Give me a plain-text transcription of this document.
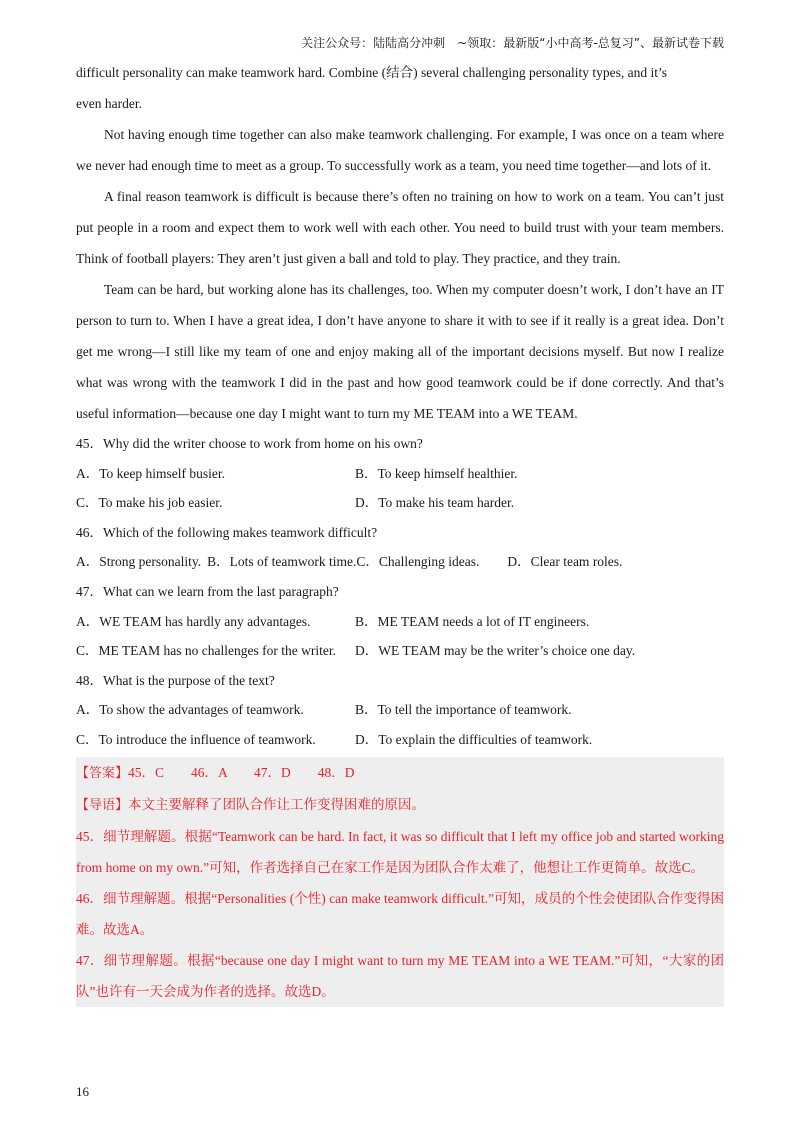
关注公众号：陆陆高分冲刺　~领取：最新版“小中高考-总复习”、最新试卷下载
difficult personality can make teamwork hard. Combine (结合) several challenging personality types, and it’s
even harder.
Not having enough time together can also make teamwork challenging. For example, I was once on a team where we never had enough time to meet as a group. To successfully work as a team, you need time together—and lots of it.
A final reason teamwork is difficult is because there’s often no training on how to work on a team. You can’t just put people in a room and expect them to work well with each other. You need to build trust with your team members. Think of football players: They aren’t just given a ball and told to play. They practice, and they train.
Team can be hard, but working alone has its challenges, too. When my computer doesn’t work, I don’t have an IT person to turn to. When I have a great idea, I don’t have anyone to share it with to see if it really is a great idea. Don’t get me wrong—I still like my team of one and enjoy making all of the important decisions myself. But now I realize what was wrong with the teamwork I did in the past and how good teamwork could be if done correctly. And that’s useful information—because one day I might want to turn my ME TEAM into a WE TEAM.
45．Why did the writer choose to work from home on his own?
A．To keep himself busier.	B．To keep himself healthier.
C．To make his job easier.	D．To make his team harder.
46．Which of the following makes teamwork difficult?
A．Strong personality. B．Lots of teamwork time. C．Challenging ideas. D．Clear team roles.
47．What can we learn from the last paragraph?
A．WE TEAM has hardly any advantages.	B．ME TEAM needs a lot of IT engineers.
C．ME TEAM has no challenges for the writer.	D．WE TEAM may be the writer’s choice one day.
48．What is the purpose of the text?
A．To show the advantages of teamwork.	B．To tell the importance of teamwork.
C．To introduce the influence of teamwork.	D．To explain the difficulties of teamwork.
【答案】45．C　　46．A　　47．D　　48．D
【导语】本文主要解释了团队合作让工作变得困难的原因。
45．细节理解题。根据“Teamwork can be hard. In fact, it was so difficult that I left my office job and started working from home on my own.”可知，作者选择自己在家工作是因为团队合作太难了，他想让工作更简单。故选C。
46．细节理解题。根据“Personalities (个性) can make teamwork difficult.”可知，成员的个性会使团队合作变得困难。故选A。
47．细节理解题。根据“because one day I might want to turn my ME TEAM into a WE TEAM.”可知，“大家的团队”也许有一天会成为作者的选择。故选D。
16
